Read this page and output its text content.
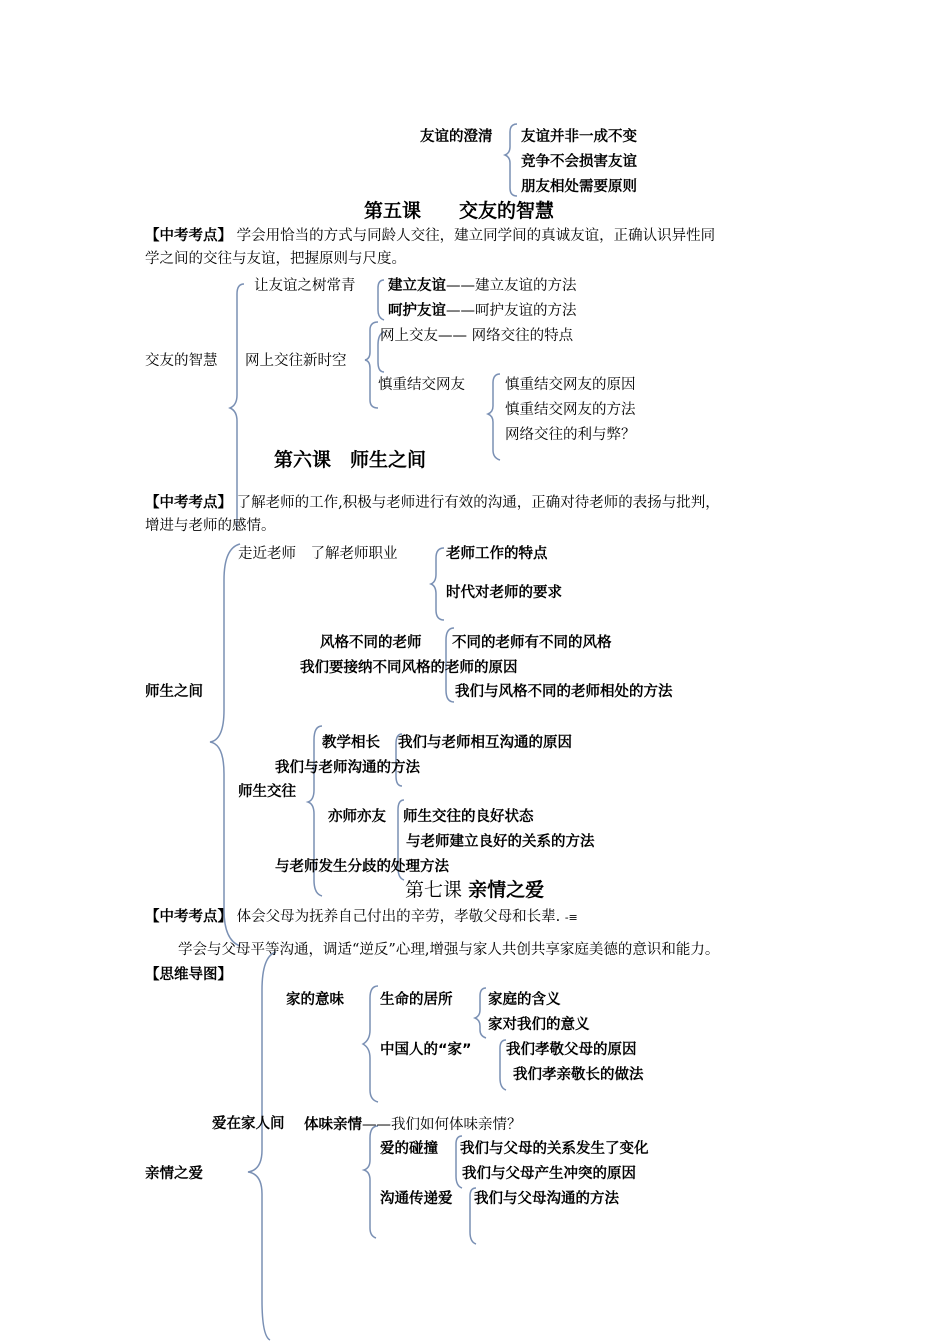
友谊的澄清 友谊并非一成不变
竞争不会损害友谊
朋友相处需要原则
第五课　　交友的智慧
【中考考点】 学会用恰当的方式与同龄人交往，建立同学间的真诚友谊，正确认识异性同
学之间的交往与友谊，把握原则与尺度。
交友的智慧
让友谊之树常青 建立友谊——建立友谊的方法
呵护友谊——呵护友谊的方法
网上交往新时空
网上交友—— 网络交往的特点
慎重结交网友	慎重结交网友的原因
慎重结交网友的方法
网络交往的利与弊？
第六课　师生之间
【中考考点】 了解老师的工作,积极与老师进行有效的沟通，正确对待老师的表扬与批判，
增进与老师的感情。
师生之间
走近老师　了解老师职业	老师工作的特点
时代对老师的要求
风格不同的老师 不同的老师有不同的风格
我们要接纳不同风格的老师的原因
我们与风格不同的老师相处的方法
师生交往
教学相长 我们与老师相互沟通的原因
我们与老师沟通的方法
亦师亦友 师生交往的良好状态
与老师建立良好的关系的方法
与老师发生分歧的处理方法
第七课 亲情之爱
【中考考点】 体会父母为抚养自己付出的辛劳，孝敬父母和长辈. -≡
学会与父母平等沟通，调适“逆反”心理,增强与家人共创共享家庭美德的意识和能力。
【思维导图】
亲情之爱
家的意味 生命的居所 家庭的含义
家对我们的意义
中国人的“家” 我们孝敬父母的原因
我们孝亲敬长的做法
爱在家人间 体味亲情——我们如何体味亲情？
爱的碰撞 我们与父母的关系发生了变化
我们与父母产生冲突的原因
沟通传递爱 我们与父母沟通的方法
